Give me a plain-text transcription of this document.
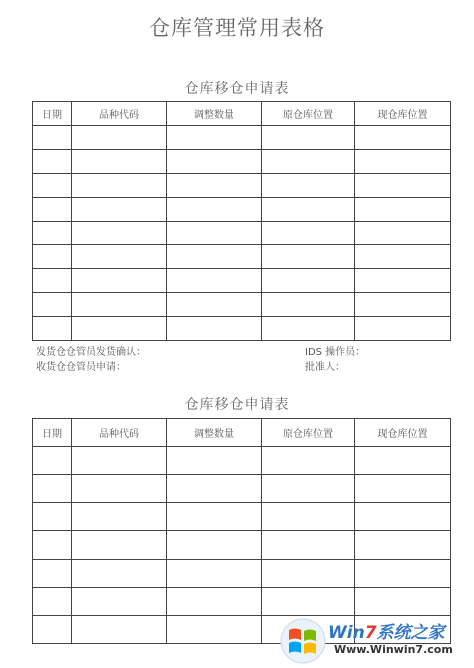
仓库管理常用表格
仓库移仓申请表
日期	品种代码	调整数量	原仓库位置	现仓库位置

发货仓仓管员发货确认：	IDS 操作员：
收货仓仓管员申请：	批准人：
仓库移仓申请表
日期	品种代码	调整数量	原仓库位置	现仓库位置

Win7系统之家
Www.Winwin7.com
